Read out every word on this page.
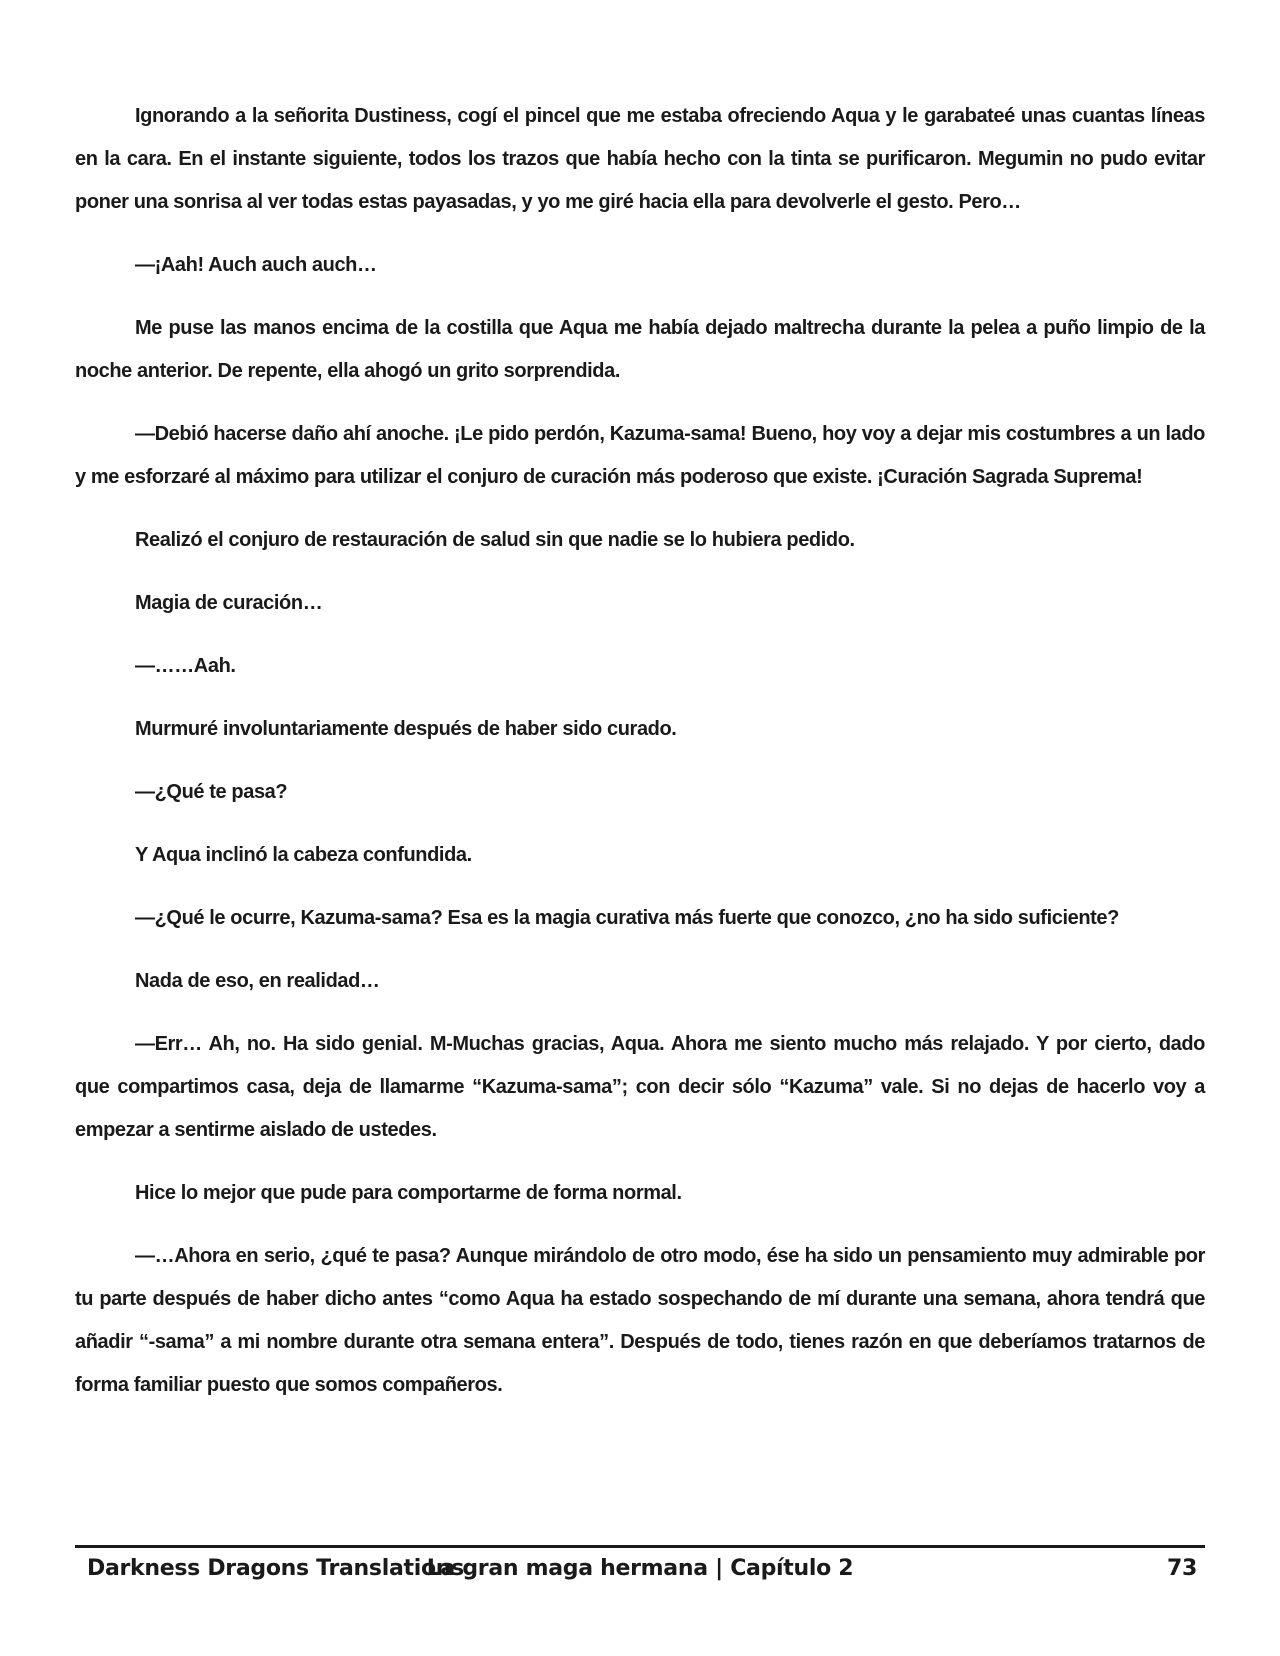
Ignorando a la señorita Dustiness, cogí el pincel que me estaba ofreciendo Aqua y le garabateé unas cuantas líneas en la cara. En el instante siguiente, todos los trazos que había hecho con la tinta se purificaron. Megumin no pudo evitar poner una sonrisa al ver todas estas payasadas, y yo me giré hacia ella para devolverle el gesto. Pero…

—¡Aah! Auch auch auch…

Me puse las manos encima de la costilla que Aqua me había dejado maltrecha durante la pelea a puño limpio de la noche anterior. De repente, ella ahogó un grito sorprendida.

—Debió hacerse daño ahí anoche. ¡Le pido perdón, Kazuma-sama! Bueno, hoy voy a dejar mis costumbres a un lado y me esforzaré al máximo para utilizar el conjuro de curación más poderoso que existe. ¡Curación Sagrada Suprema!

Realizó el conjuro de restauración de salud sin que nadie se lo hubiera pedido.

Magia de curación…

—……Aah.

Murmuré involuntariamente después de haber sido curado.

—¿Qué te pasa?

Y Aqua inclinó la cabeza confundida.

—¿Qué le ocurre, Kazuma-sama? Esa es la magia curativa más fuerte que conozco, ¿no ha sido suficiente?

Nada de eso, en realidad…

—Err… Ah, no. Ha sido genial. M-Muchas gracias, Aqua. Ahora me siento mucho más relajado. Y por cierto, dado que compartimos casa, deja de llamarme “Kazuma-sama”; con decir sólo “Kazuma” vale. Si no dejas de hacerlo voy a empezar a sentirme aislado de ustedes.

Hice lo mejor que pude para comportarme de forma normal.

—…Ahora en serio, ¿qué te pasa? Aunque mirándolo de otro modo, ése ha sido un pensamiento muy admirable por tu parte después de haber dicho antes “como Aqua ha estado sospechando de mí durante una semana, ahora tendrá que añadir “-sama” a mi nombre durante otra semana entera”. Después de todo, tienes razón en que deberíamos tratarnos de forma familiar puesto que somos compañeros.

Darkness Dragons Translations
La gran maga hermana | Capítulo 2	73
